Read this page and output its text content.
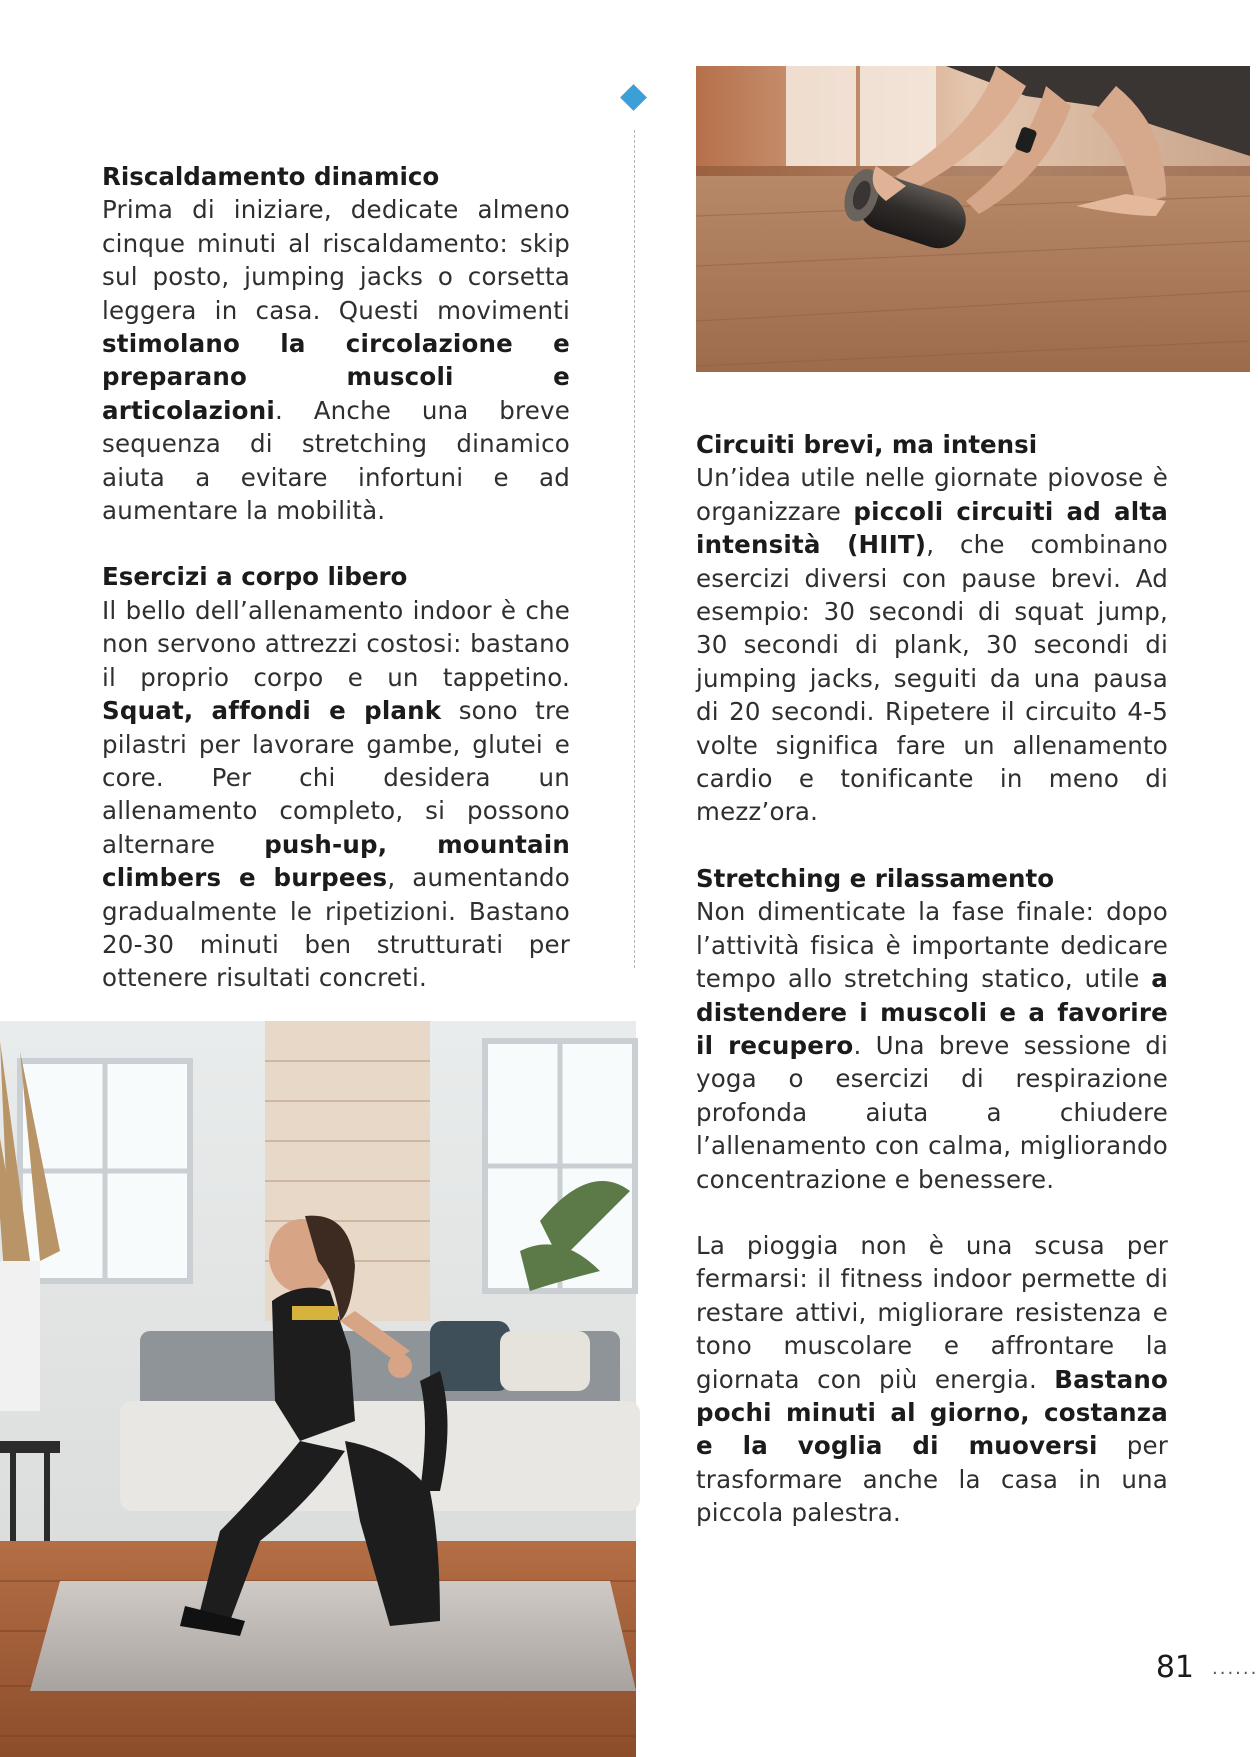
Riscaldamento dinamico

Prima di iniziare, dedicate almeno cinque minuti al riscaldamento: skip sul posto, jumping jacks o corsetta leggera in casa. Questi movimenti stimolano la circolazione e preparano muscoli e articolazioni. Anche una breve sequenza di stretching dinamico aiuta a evitare infortuni e ad aumentare la mobilità.

Esercizi a corpo libero

Il bello dell’allenamento indoor è che non servono attrezzi costosi: bastano il proprio corpo e un tappetino. Squat, affondi e plank sono tre pilastri per lavorare gambe, glutei e core. Per chi desidera un allenamento completo, si possono alternare push-up, mountain climbers e burpees, aumentando gradualmente le ripetizioni. Bastano 20-30 minuti ben strutturati per ottenere risultati concreti.

Circuiti brevi, ma intensi

Un’idea utile nelle giornate piovose è organizzare piccoli circuiti ad alta intensità (HIIT), che combinano esercizi diversi con pause brevi. Ad esempio: 30 secondi di squat jump, 30 secondi di plank, 30 secondi di jumping jacks, seguiti da una pausa di 20 secondi. Ripetere il circuito 4-5 volte significa fare un allenamento cardio e tonificante in meno di mezz’ora.

Stretching e rilassamento

Non dimenticate la fase finale: dopo l’attività fisica è importante dedicare tempo allo stretching statico, utile a distendere i muscoli e a favorire il recupero. Una breve sessione di yoga o esercizi di respirazione profonda aiuta a chiudere l’allenamento con calma, migliorando concentrazione e benessere.

La pioggia non è una scusa per fermarsi: il fitness indoor permette di restare attivi, migliorare resistenza e tono muscolare e affrontare la giornata con più energia. Bastano pochi minuti al giorno, costanza e la voglia di muoversi per trasformare anche la casa in una piccola palestra.

81 ......
